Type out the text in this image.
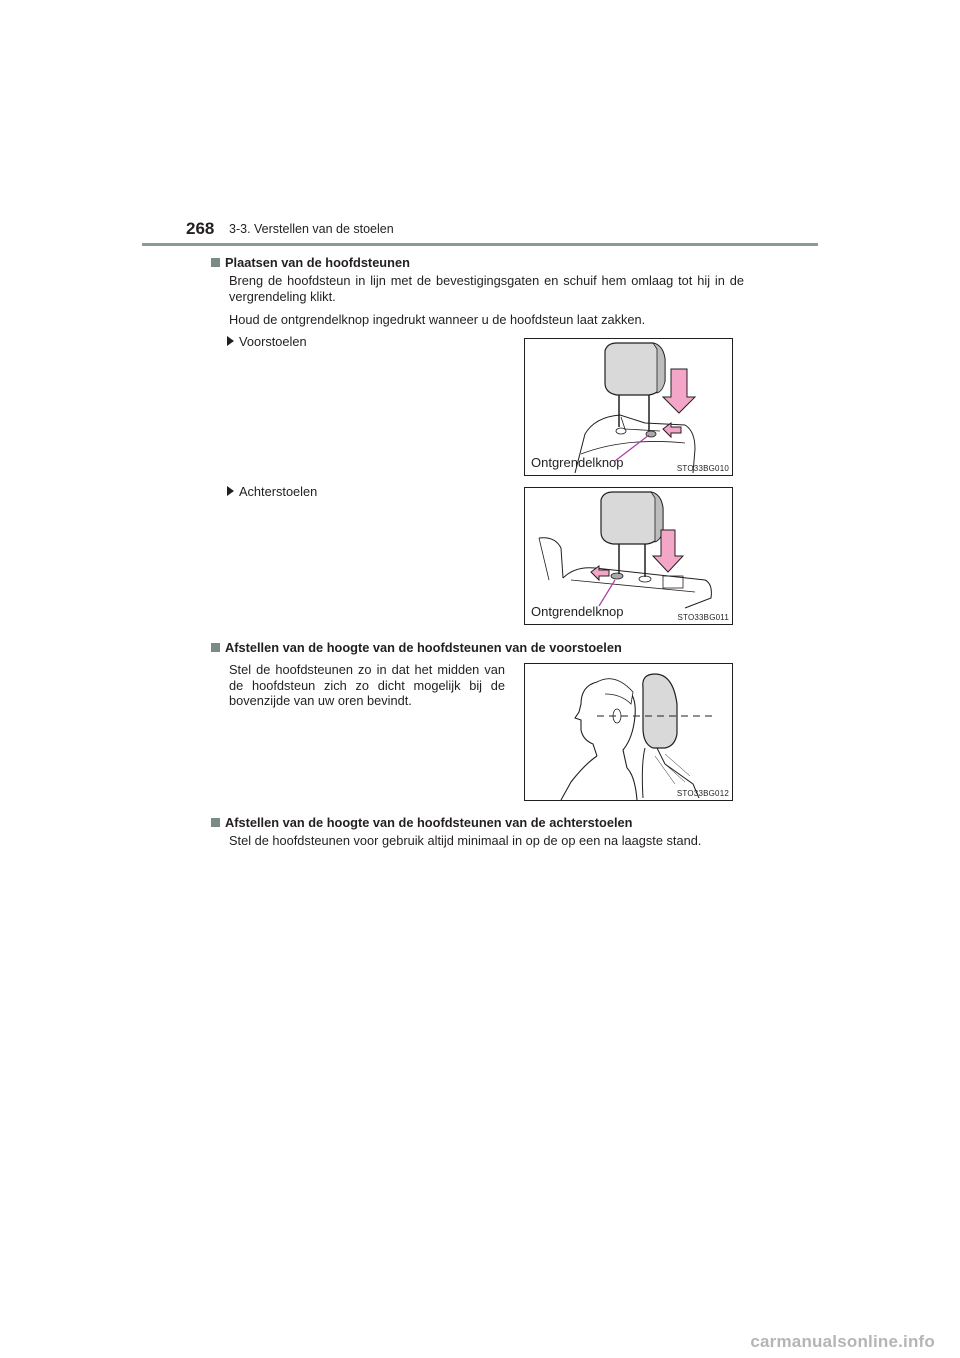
268 3-3. Verstellen van de stoelen
Plaatsen van de hoofdsteunen
Breng de hoofdsteun in lijn met de bevestigingsgaten en schuif hem omlaag tot hij in de vergrendeling klikt.
Houd de ontgrendelknop ingedrukt wanneer u de hoofdsteun laat zakken.
Voorstoelen
Ontgrendelknop	STO33BG010
Achterstoelen
Ontgrendelknop	STO33BG011
Afstellen van de hoogte van de hoofdsteunen van de voorstoelen
Stel de hoofdsteunen zo in dat het midden van de hoofdsteun zich zo dicht mogelijk bij de bovenzijde van uw oren bevindt.
STO33BG012
Afstellen van de hoogte van de hoofdsteunen van de achterstoelen
Stel de hoofdsteunen voor gebruik altijd minimaal in op de op een na laagste stand.
carmanualsonline.info
